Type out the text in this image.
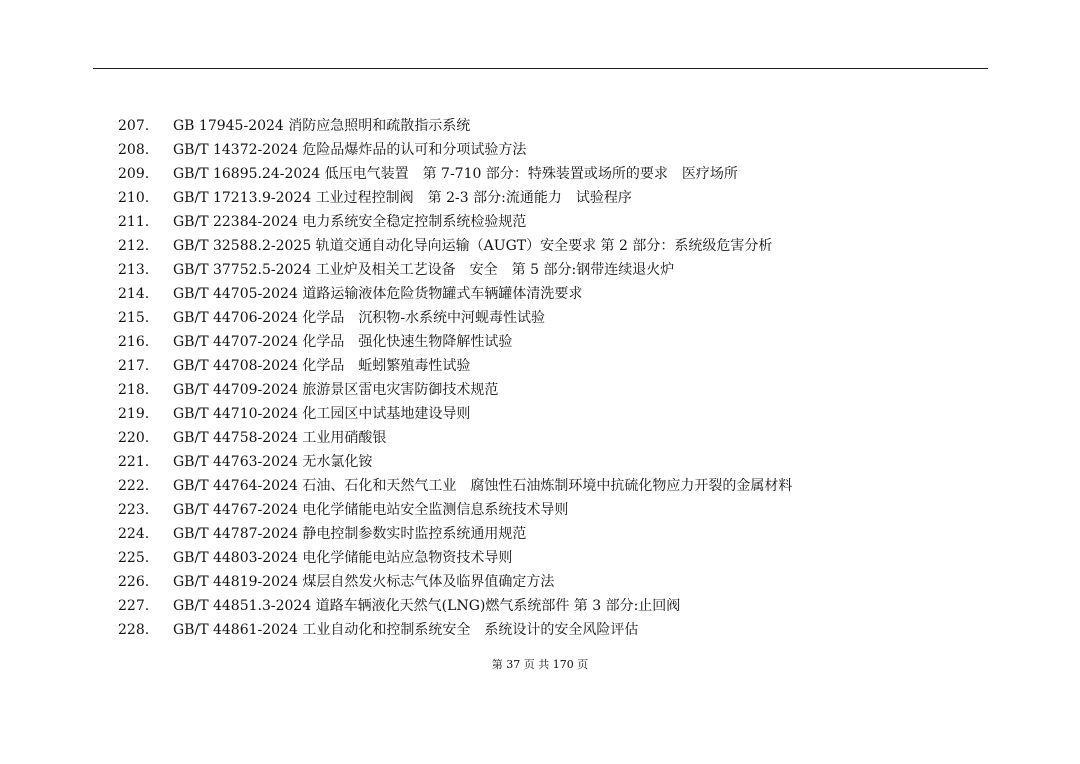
207.	GB 17945-2024 消防应急照明和疏散指示系统
208.	GB/T 14372-2024 危险品爆炸品的认可和分项试验方法
209.	GB/T 16895.24-2024 低压电气装置　第 7-710 部分：特殊装置或场所的要求　医疗场所
210.	GB/T 17213.9-2024 工业过程控制阀　第 2-3 部分:流通能力　试验程序
211.	GB/T 22384-2024 电力系统安全稳定控制系统检验规范
212.	GB/T 32588.2-2025 轨道交通自动化导向运输（AUGT）安全要求 第 2 部分：系统级危害分析
213.	GB/T 37752.5-2024 工业炉及相关工艺设备　安全　第 5 部分:钢带连续退火炉
214.	GB/T 44705-2024 道路运输液体危险货物罐式车辆罐体清洗要求
215.	GB/T 44706-2024 化学品　沉积物-水系统中河蚬毒性试验
216.	GB/T 44707-2024 化学品　强化快速生物降解性试验
217.	GB/T 44708-2024 化学品　蚯蚓繁殖毒性试验
218.	GB/T 44709-2024 旅游景区雷电灾害防御技术规范
219.	GB/T 44710-2024 化工园区中试基地建设导则
220.	GB/T 44758-2024 工业用硝酸银
221.	GB/T 44763-2024 无水氯化铵
222.	GB/T 44764-2024 石油、石化和天然气工业　腐蚀性石油炼制环境中抗硫化物应力开裂的金属材料
223.	GB/T 44767-2024 电化学储能电站安全监测信息系统技术导则
224.	GB/T 44787-2024 静电控制参数实时监控系统通用规范
225.	GB/T 44803-2024 电化学储能电站应急物资技术导则
226.	GB/T 44819-2024 煤层自然发火标志气体及临界值确定方法
227.	GB/T 44851.3-2024 道路车辆液化天然气(LNG)燃气系统部件 第 3 部分:止回阀
228.	GB/T 44861-2024 工业自动化和控制系统安全　系统设计的安全风险评估
第 37 页 共 170 页
